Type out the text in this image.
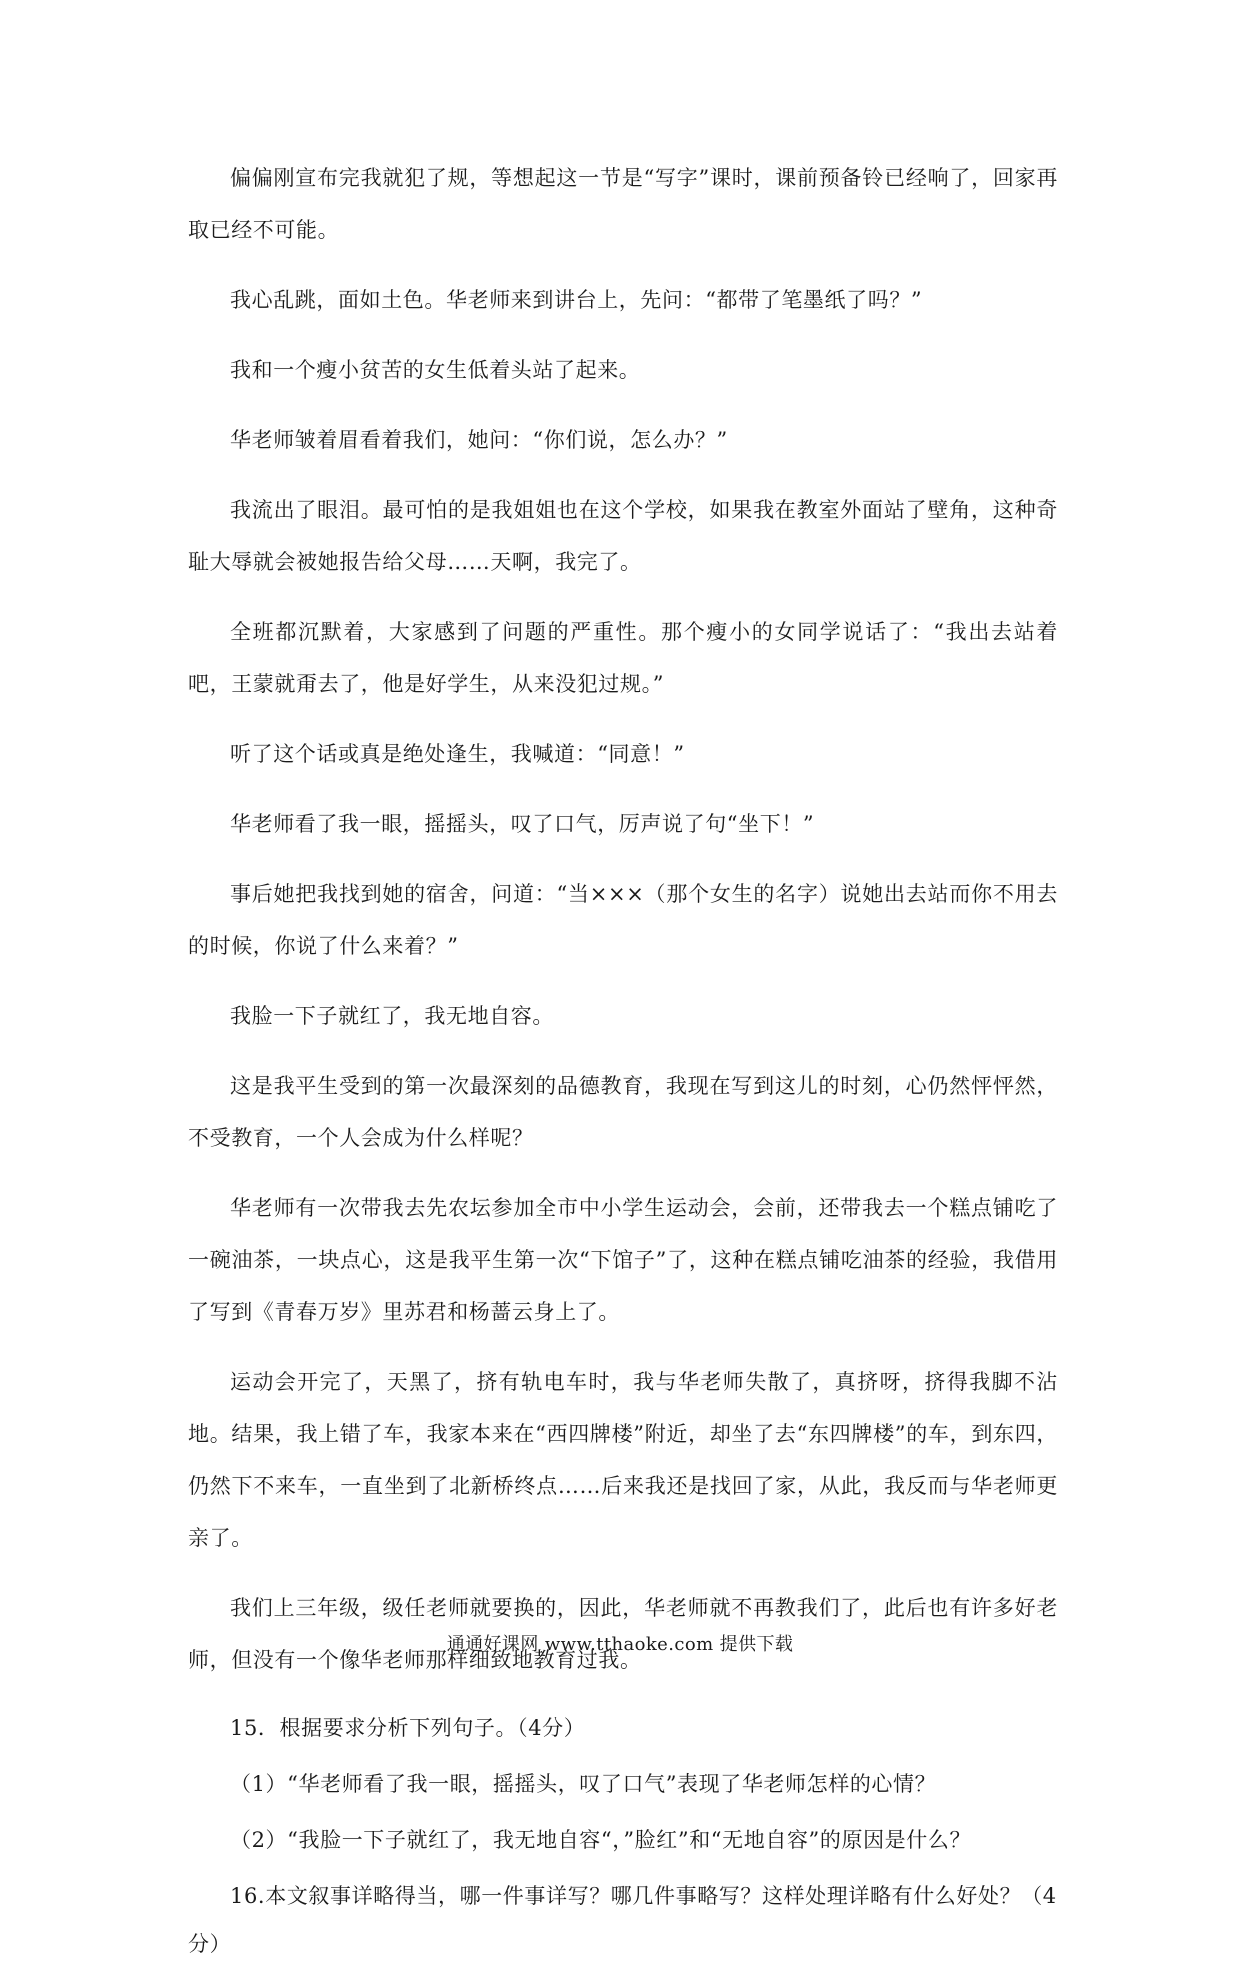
偏偏刚宣布完我就犯了规，等想起这一节是“写字”课时，课前预备铃已经响了，回家再取已经不可能。

我心乱跳，面如土色。华老师来到讲台上，先问：“都带了笔墨纸了吗？”

我和一个瘦小贫苦的女生低着头站了起来。

华老师皱着眉看着我们，她问：“你们说，怎么办？”

我流出了眼泪。最可怕的是我姐姐也在这个学校，如果我在教室外面站了壁角，这种奇耻大辱就会被她报告给父母……天啊，我完了。

全班都沉默着，大家感到了问题的严重性。那个瘦小的女同学说话了：“我出去站着吧，王蒙就甭去了，他是好学生，从来没犯过规。”

听了这个话或真是绝处逢生，我喊道：“同意！”

华老师看了我一眼，摇摇头，叹了口气，厉声说了句“坐下！”

事后她把我找到她的宿舍，问道：“当×××（那个女生的名字）说她出去站而你不用去的时候，你说了什么来着？”

我脸一下子就红了，我无地自容。

这是我平生受到的第一次最深刻的品德教育，我现在写到这儿的时刻，心仍然怦怦然，不受教育，一个人会成为什么样呢？

华老师有一次带我去先农坛参加全市中小学生运动会，会前，还带我去一个糕点铺吃了一碗油茶，一块点心，这是我平生第一次“下馆子”了，这种在糕点铺吃油茶的经验，我借用了写到《青春万岁》里苏君和杨蔷云身上了。

运动会开完了，天黑了，挤有轨电车时，我与华老师失散了，真挤呀，挤得我脚不沾地。结果，我上错了车，我家本来在“西四牌楼”附近，却坐了去“东四牌楼”的车，到东四，仍然下不来车，一直坐到了北新桥终点……后来我还是找回了家，从此，我反而与华老师更亲了。

我们上三年级，级任老师就要换的，因此，华老师就不再教我们了，此后也有许多好老师，但没有一个像华老师那样细致地教育过我。

15．根据要求分析下列句子。（4分）

（1）“华老师看了我一眼，摇摇头，叹了口气”表现了华老师怎样的心情？

（2）“我脸一下子就红了，我无地自容“，”脸红”和“无地自容”的原因是什么？

16.本文叙事详略得当，哪一件事详写？哪几件事略写？这样处理详略有什么好处？（4分）

通通好课网 www.tthaoke.com 提供下载
